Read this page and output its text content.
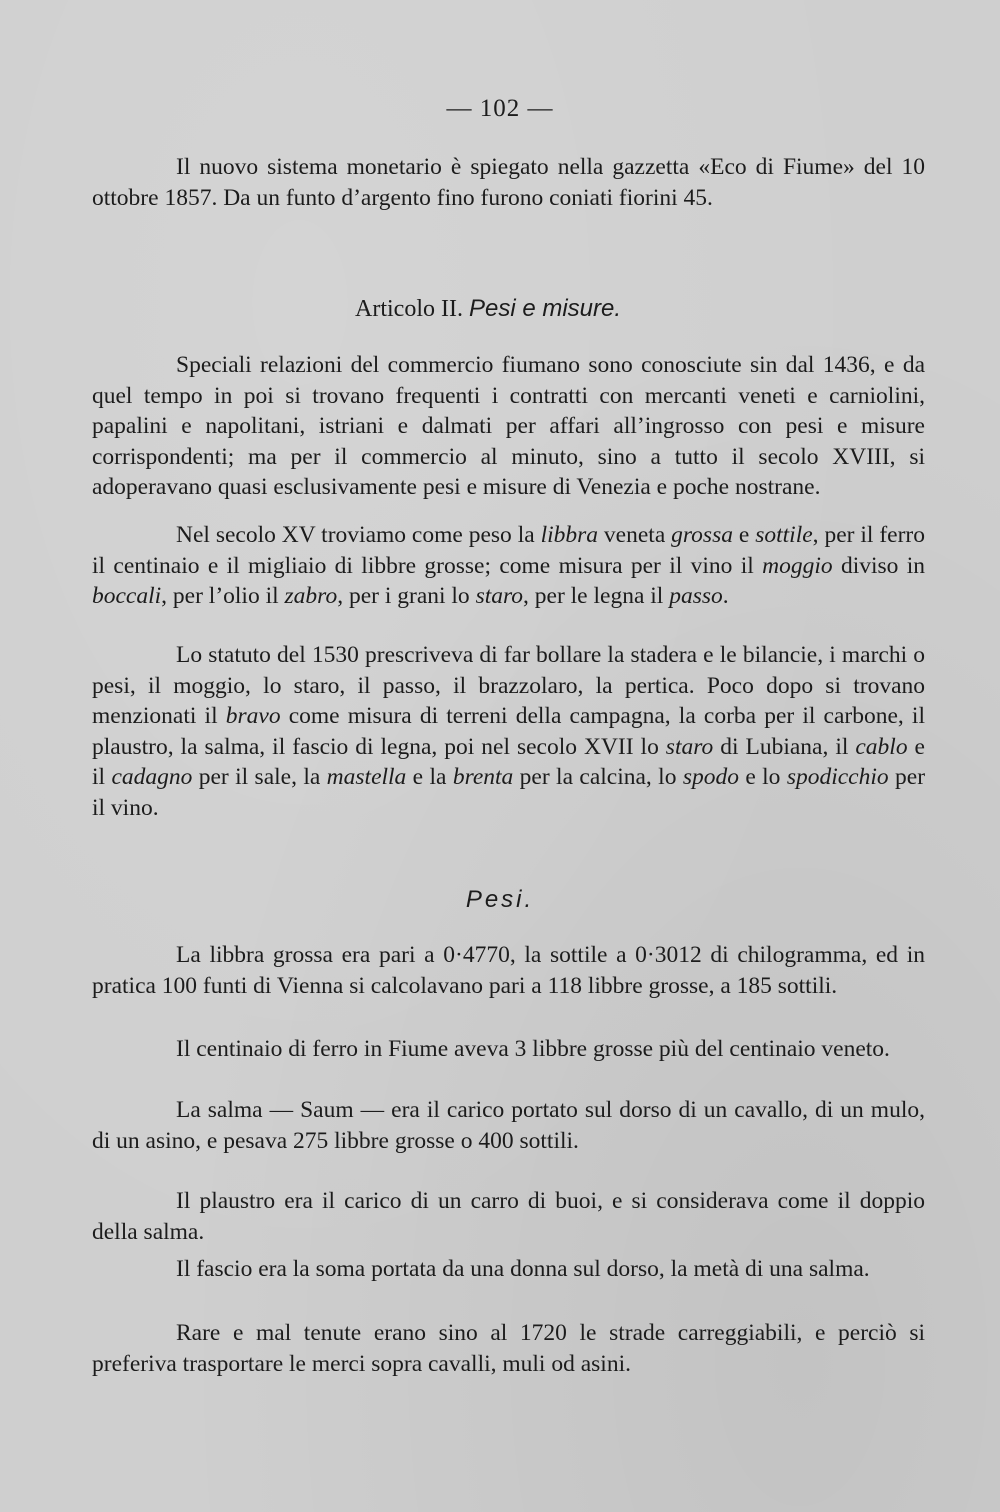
— 102 —

Il nuovo sistema monetario è spiegato nella gazzetta «Eco di Fiume» del 10 ottobre 1857. Da un funto d’argento fino furono coniati fiorini 45.

Articolo II. Pesi e misure.

Speciali relazioni del commercio fiumano sono conosciute sin dal 1436, e da quel tempo in poi si trovano frequenti i contratti con mercanti veneti e carniolini, papalini e napolitani, istriani e dalmati per affari all’ingrosso con pesi e misure corrispondenti; ma per il commercio al minuto, sino a tutto il secolo XVIII, si adoperavano quasi esclusivamente pesi e misure di Venezia e poche nostrane.

Nel secolo XV troviamo come peso la libbra veneta grossa e sottile, per il ferro il centinaio e il migliaio di libbre grosse; come misura per il vino il moggio diviso in boccali, per l’olio il zabro, per i grani lo staro, per le legna il passo.

Lo statuto del 1530 prescriveva di far bollare la stadera e le bilancie, i marchi o pesi, il moggio, lo staro, il passo, il brazzolaro, la pertica. Poco dopo si trovano menzionati il bravo come misura di terreni della campagna, la corba per il carbone, il plaustro, la salma, il fascio di legna, poi nel secolo XVII lo staro di Lubiana, il cablo e il cadagno per il sale, la mastella e la brenta per la calcina, lo spodo e lo spodicchio per il vino.

Pesi.

La libbra grossa era pari a 0·4770, la sottile a 0·3012 di chilogramma, ed in pratica 100 funti di Vienna si calcolavano pari a 118 libbre grosse, a 185 sottili.

Il centinaio di ferro in Fiume aveva 3 libbre grosse più del centinaio veneto.

La salma — Saum — era il carico portato sul dorso di un cavallo, di un mulo, di un asino, e pesava 275 libbre grosse o 400 sottili.

Il plaustro era il carico di un carro di buoi, e si considerava come il doppio della salma.

Il fascio era la soma portata da una donna sul dorso, la metà di una salma.

Rare e mal tenute erano sino al 1720 le strade carreggiabili, e perciò si preferiva trasportare le merci sopra cavalli, muli od asini.
